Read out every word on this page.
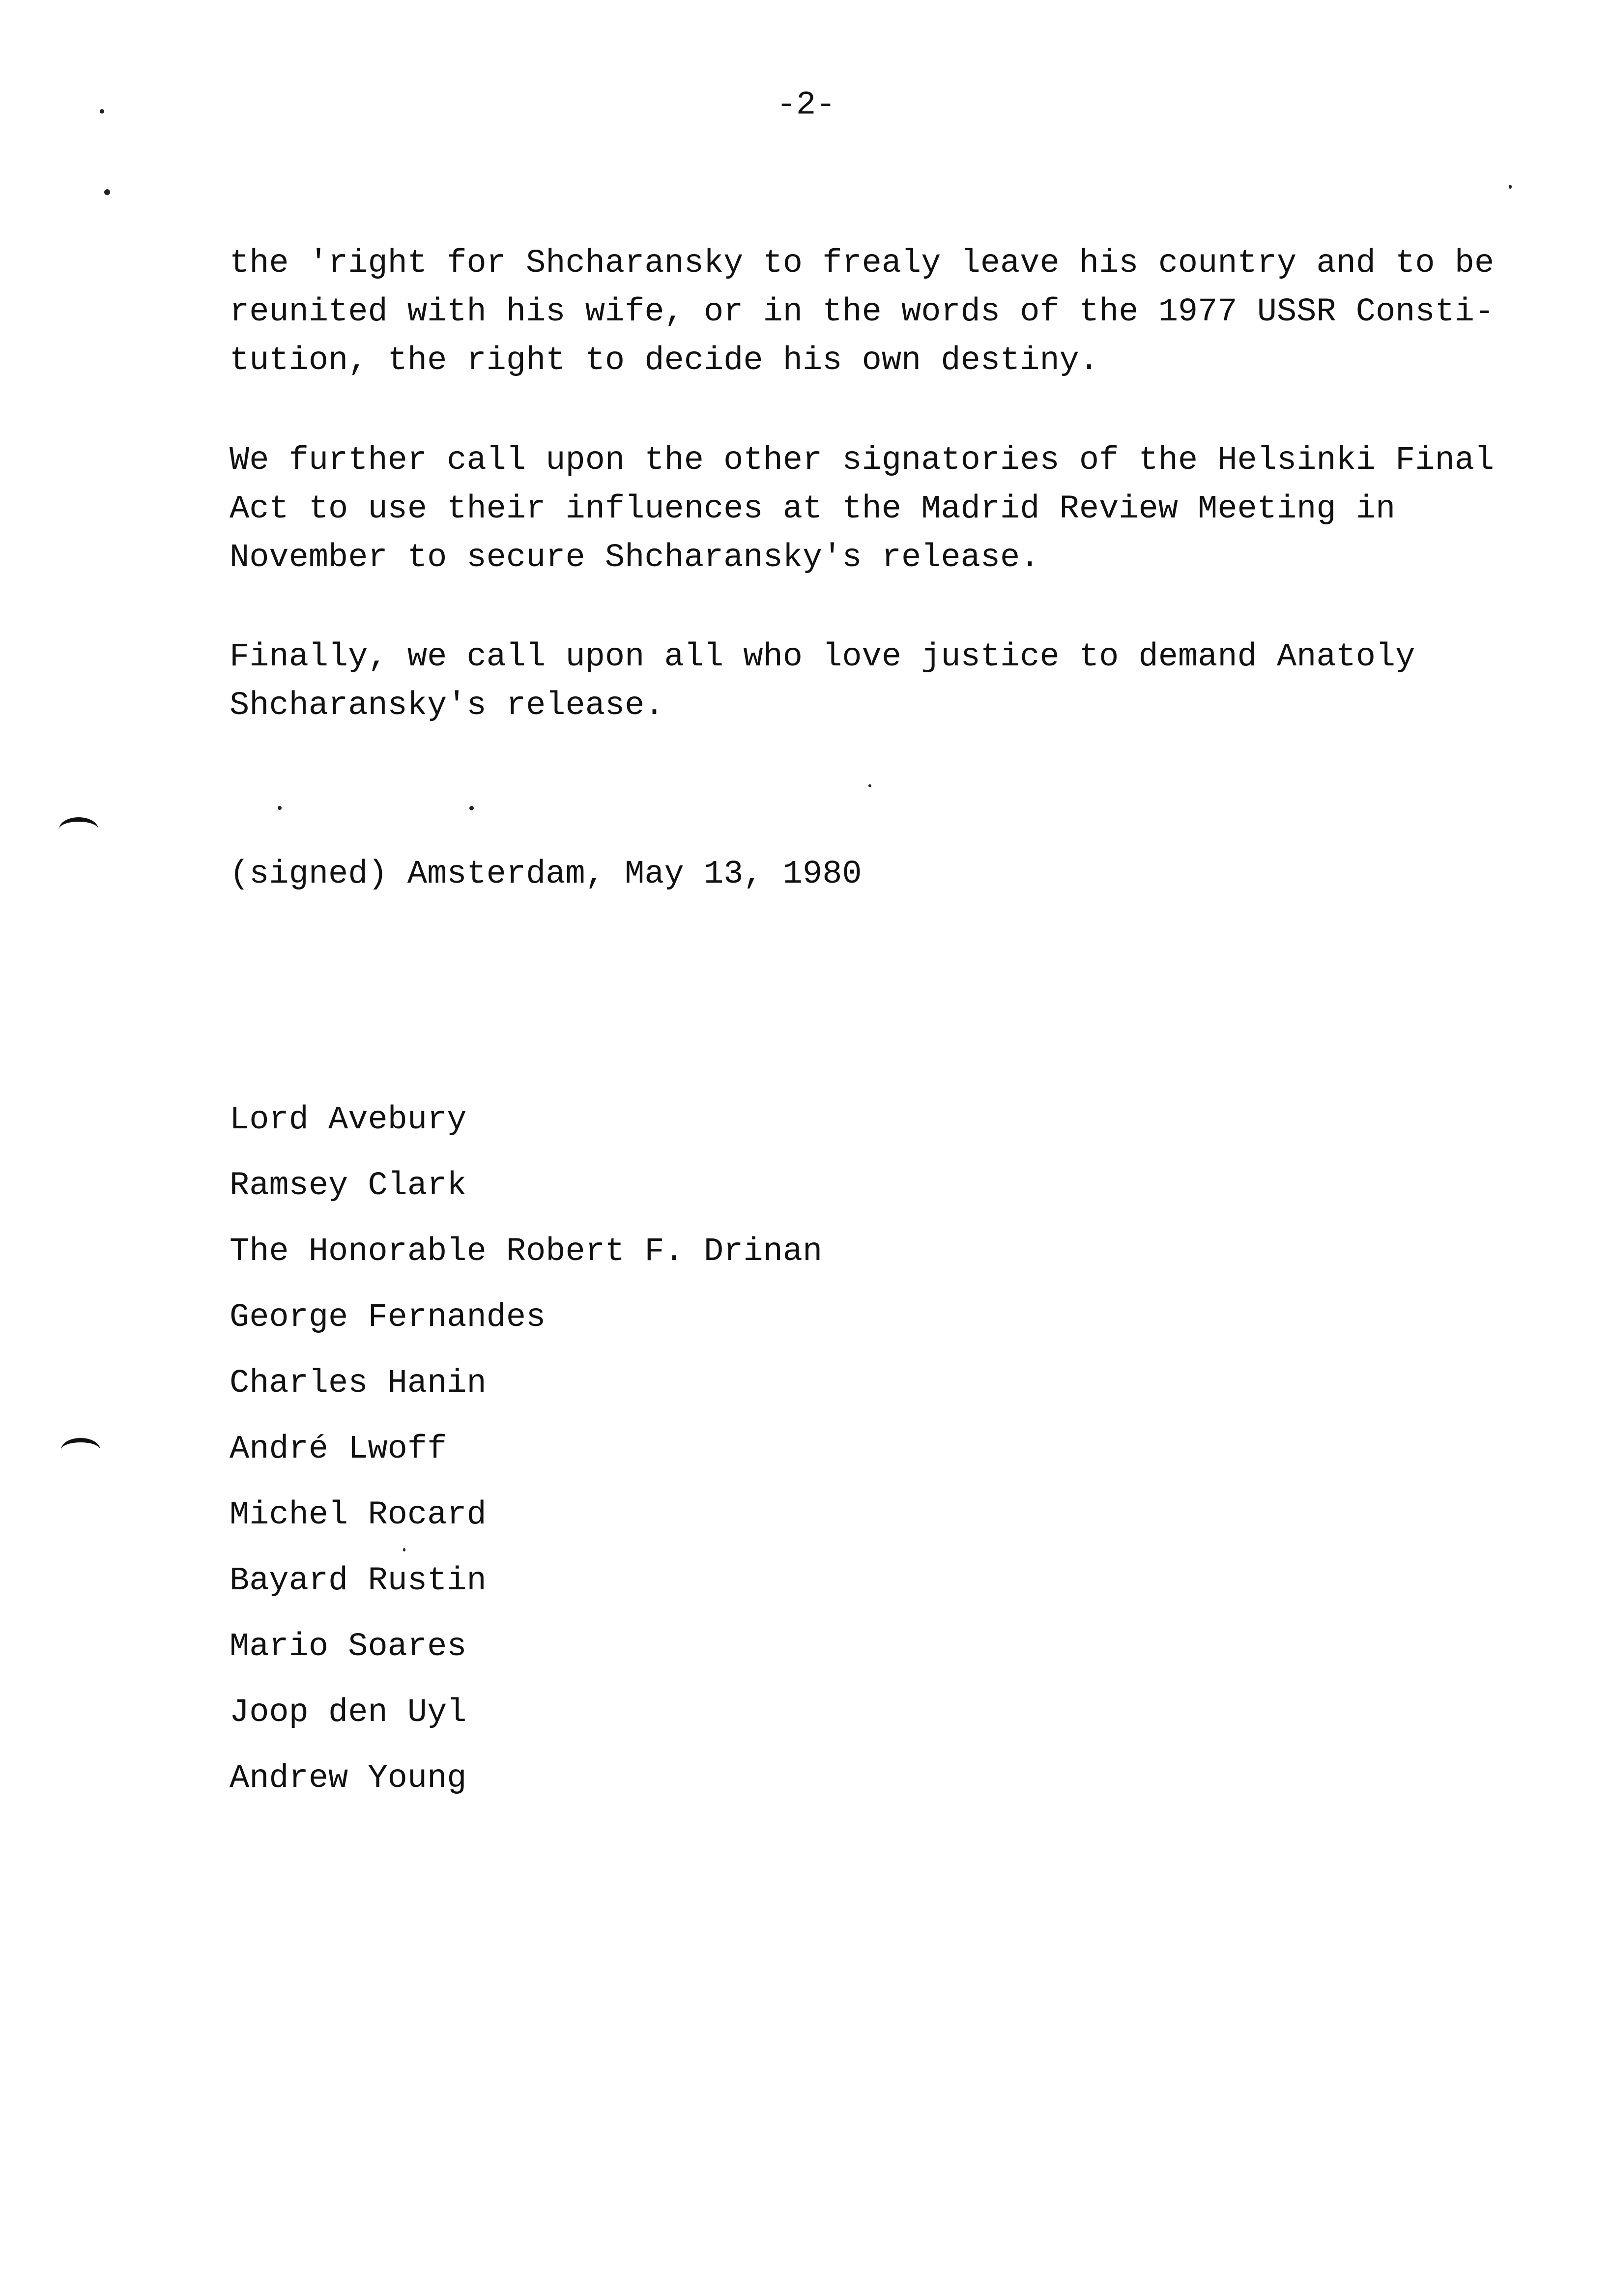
-2-
the 'right for Shcharansky to frealy leave his country and to be
reunited with his wife, or in the words of the 1977 USSR Consti-
tution, the right to decide his own destiny.
We further call upon the other signatories of the Helsinki Final
Act to use their influences at the Madrid Review Meeting in
November to secure Shcharansky's release.
Finally, we call upon all who love justice to demand Anatoly
Shcharansky's release.
(signed) Amsterdam, May 13, 1980
Lord Avebury
Ramsey Clark
The Honorable Robert F. Drinan
George Fernandes
Charles Hanin
André Lwoff
Michel Rocard
Bayard Rustin
Mario Soares
Joop den Uyl
Andrew Young
